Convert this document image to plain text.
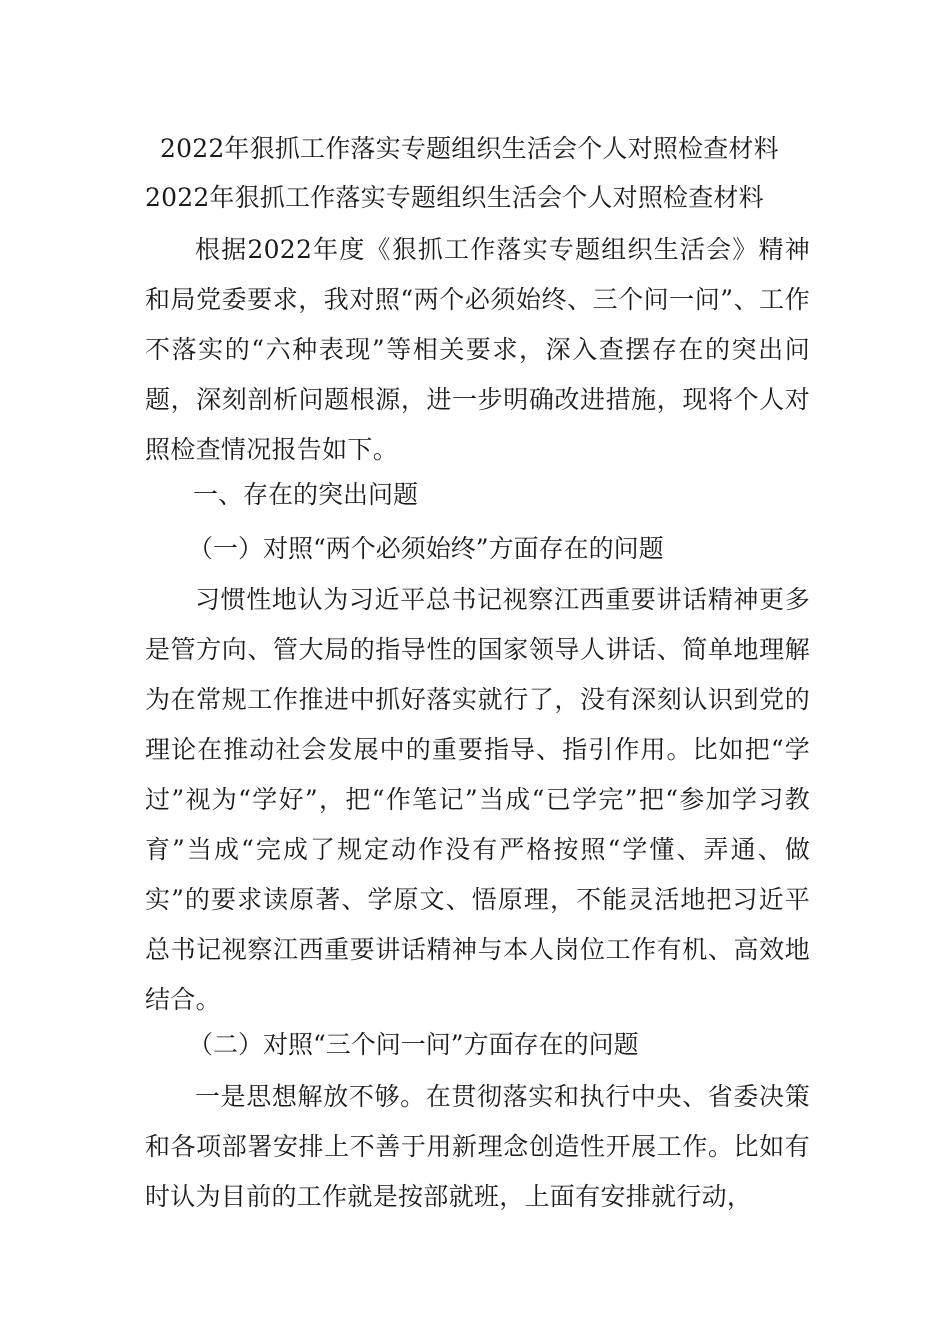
2022年狠抓工作落实专题组织生活会个人对照检查材料
2022年狠抓工作落实专题组织生活会个人对照检查材料

根据2022年度《狠抓工作落实专题组织生活会》精神和局党委要求，我对照“两个必须始终、三个问一问”、工作不落实的“六种表现”等相关要求，深入查摆存在的突出问题，深刻剖析问题根源，进一步明确改进措施，现将个人对照检查情况报告如下。

一、存在的突出问题
（一）对照“两个必须始终”方面存在的问题

习惯性地认为习近平总书记视察江西重要讲话精神更多是管方向、管大局的指导性的国家领导人讲话、简单地理解为在常规工作推进中抓好落实就行了，没有深刻认识到党的理论在推动社会发展中的重要指导、指引作用。比如把“学过”视为“学好”，把“作笔记”当成“已学完”把“参加学习教育”当成“完成了规定动作没有严格按照“学懂、弄通、做实”的要求读原著、学原文、悟原理，不能灵活地把习近平总书记视察江西重要讲话精神与本人岗位工作有机、高效地结合。

（二）对照“三个问一问”方面存在的问题

一是思想解放不够。在贯彻落实和执行中央、省委决策和各项部署安排上不善于用新理念创造性开展工作。比如有时认为目前的工作就是按部就班，上面有安排就行动，
